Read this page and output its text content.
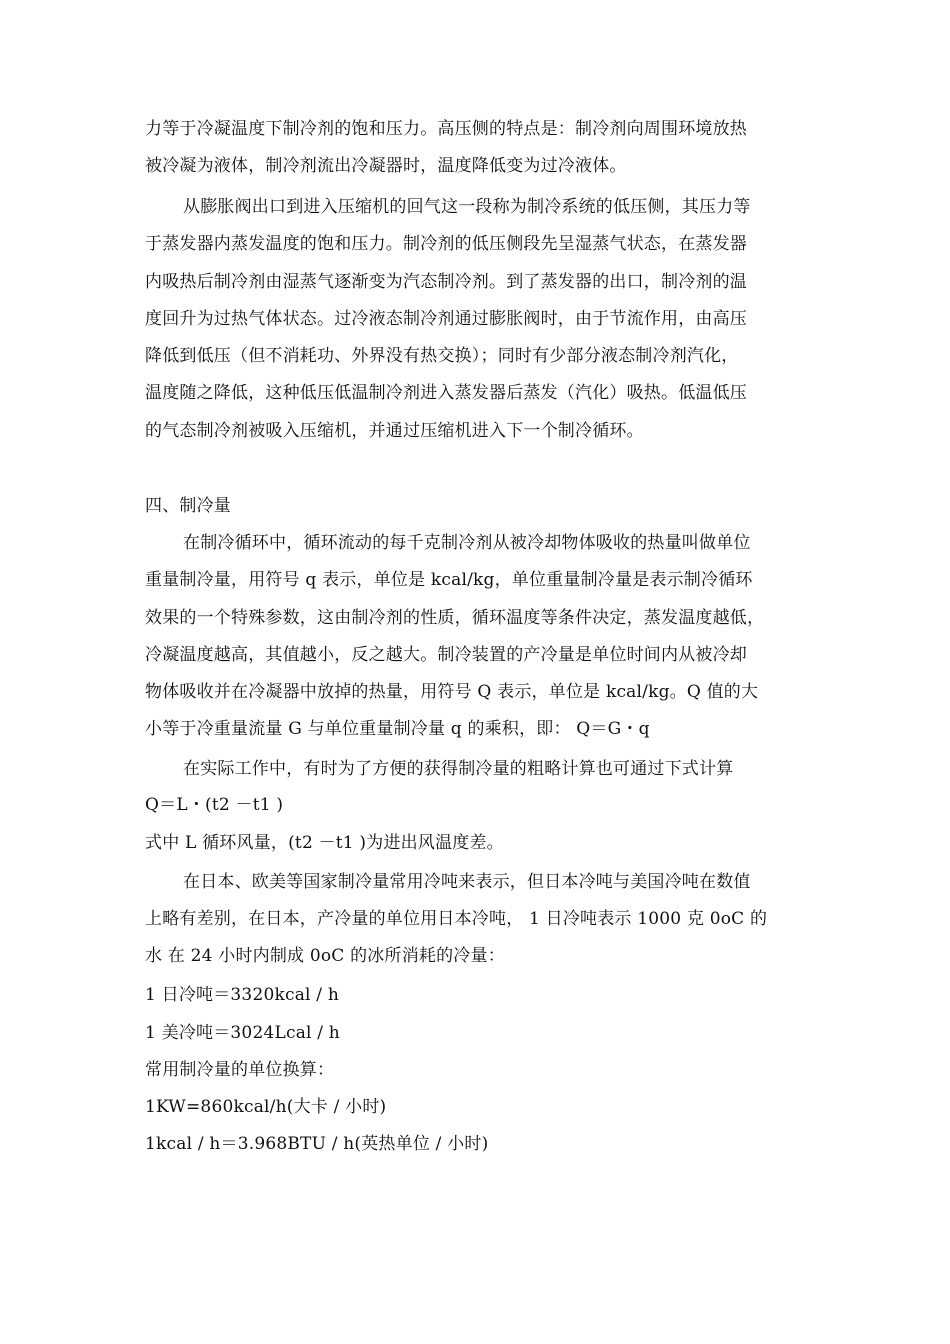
力等于冷凝温度下制冷剂的饱和压力。高压侧的特点是：制冷剂向周围环境放热
被冷凝为液体，制冷剂流出冷凝器时，温度降低变为过冷液体。
从膨胀阀出口到进入压缩机的回气这一段称为制冷系统的低压侧，其压力等
于蒸发器内蒸发温度的饱和压力。制冷剂的低压侧段先呈湿蒸气状态，在蒸发器
内吸热后制冷剂由湿蒸气逐渐变为汽态制冷剂。到了蒸发器的出口，制冷剂的温
度回升为过热气体状态。过冷液态制冷剂通过膨胀阀时，由于节流作用，由高压
降低到低压（但不消耗功、外界没有热交换）；同时有少部分液态制冷剂汽化，
温度随之降低，这种低压低温制冷剂进入蒸发器后蒸发（汽化）吸热。低温低压
的气态制冷剂被吸入压缩机，并通过压缩机进入下一个制冷循环。
四、制冷量
在制冷循环中，循环流动的每千克制冷剂从被冷却物体吸收的热量叫做单位
重量制冷量，用符号 q 表示，单位是 kcal/kg，单位重量制冷量是表示制冷循环
效果的一个特殊参数，这由制冷剂的性质，循环温度等条件决定，蒸发温度越低，
冷凝温度越高，其值越小，反之越大。制冷装置的产冷量是单位时间内从被冷却
物体吸收并在冷凝器中放掉的热量，用符号 Q 表示，单位是 kcal/kg。Q 值的大
小等于冷重量流量 G 与单位重量制冷量 q 的乘积，即： Q＝G・q
在实际工作中，有时为了方便的获得制冷量的粗略计算也可通过下式计算
Q＝L・(t2 －t1 )
式中 L 循环风量，(t2 －t1 )为进出风温度差。
在日本、欧美等国家制冷量常用冷吨来表示，但日本冷吨与美国冷吨在数值
上略有差别，在日本，产冷量的单位用日本冷吨， 1 日冷吨表示 1000 克 0oC 的
水 在 24 小时内制成 0oC 的冰所消耗的冷量：
1 日冷吨＝3320kcal / h
1 美冷吨＝3024Lcal / h
常用制冷量的单位换算：
1KW=860kcal/h(大卡 / 小时)
1kcal / h＝3.968BTU / h(英热单位 / 小时)
